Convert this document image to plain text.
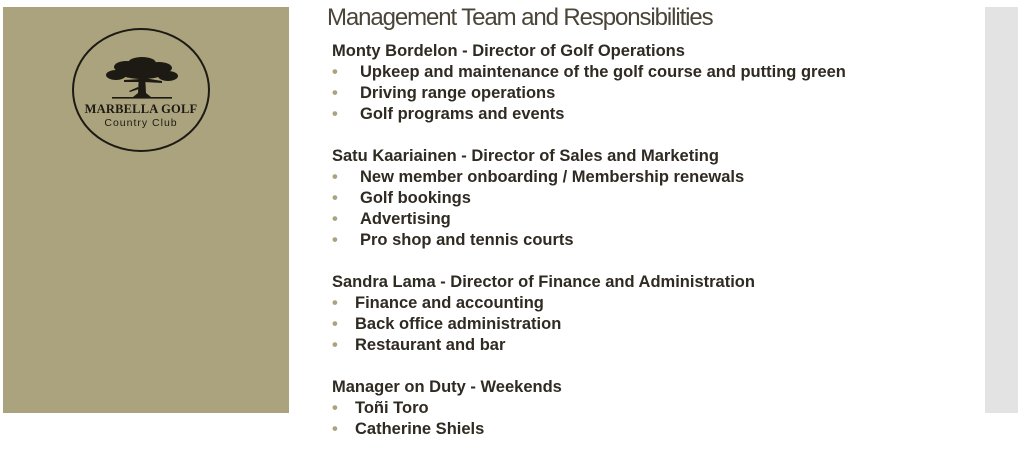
MARBELLA GOLF
Country Club
Management Team and Responsibilities
Monty Bordelon - Director of Golf Operations
• Upkeep and maintenance of the golf course and putting green
• Driving range operations
• Golf programs and events
Satu Kaariainen - Director of Sales and Marketing
• New member onboarding / Membership renewals
• Golf bookings
• Advertising
• Pro shop and tennis courts
Sandra Lama - Director of Finance and Administration
• Finance and accounting
• Back office administration
• Restaurant and bar
Manager on Duty - Weekends
• Toñi Toro
• Catherine Shiels
